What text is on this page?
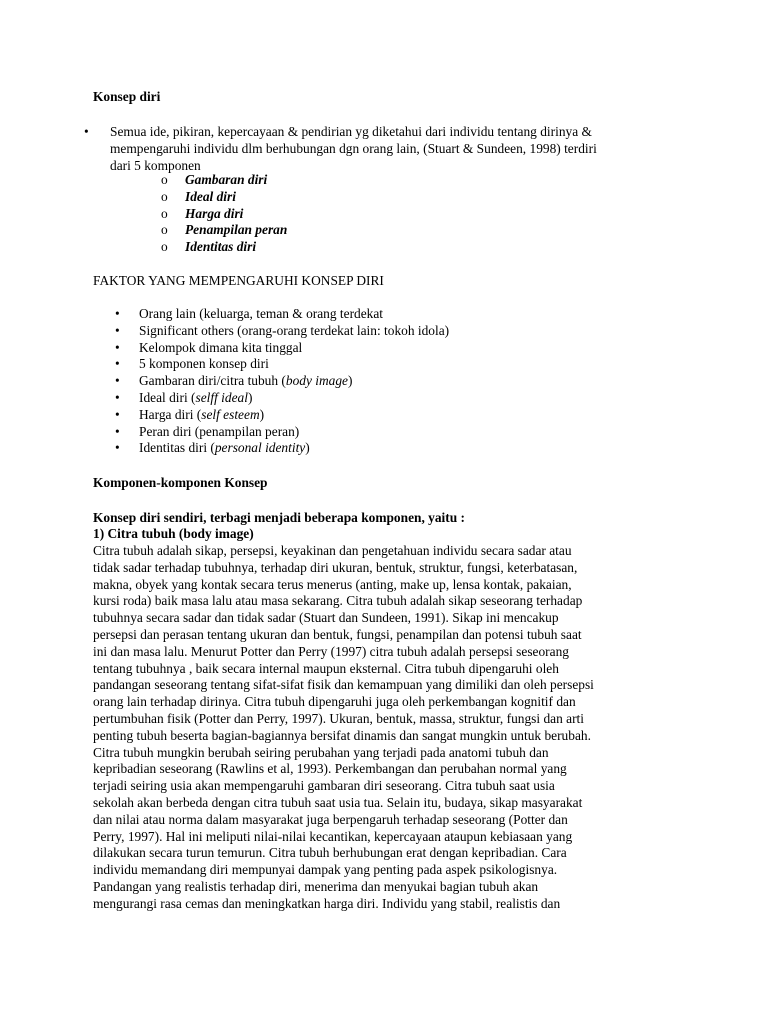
Konsep diri
• Semua ide, pikiran, kepercayaan & pendirian yg diketahui dari individu tentang dirinya &
mempengaruhi individu dlm berhubungan dgn orang lain, (Stuart & Sundeen, 1998) terdiri
dari 5 komponen
o Gambaran diri
o Ideal diri
o Harga diri
o Penampilan peran
o Identitas diri
FAKTOR YANG MEMPENGARUHI KONSEP DIRI
• Orang lain (keluarga, teman & orang terdekat
• Significant others (orang-orang terdekat lain: tokoh idola)
• Kelompok dimana kita tinggal
• 5 komponen konsep diri
• Gambaran diri/citra tubuh (body image)
• Ideal diri (selff ideal)
• Harga diri (self esteem)
• Peran diri (penampilan peran)
• Identitas diri (personal identity)
Komponen-komponen Konsep
Konsep diri sendiri, terbagi menjadi beberapa komponen, yaitu :
1) Citra tubuh (body image)

Citra tubuh adalah sikap, persepsi, keyakinan dan pengetahuan individu secara sadar atau

tidak sadar terhadap tubuhnya, terhadap diri ukuran, bentuk, struktur, fungsi, keterbatasan,

makna, obyek yang kontak secara terus menerus (anting, make up, lensa kontak, pakaian,

kursi roda) baik masa lalu atau masa sekarang. Citra tubuh adalah sikap seseorang terhadap

tubuhnya secara sadar dan tidak sadar (Stuart dan Sundeen, 1991). Sikap ini mencakup

persepsi dan perasan tentang ukuran dan bentuk, fungsi, penampilan dan potensi tubuh saat

ini dan masa lalu. Menurut Potter dan Perry (1997) citra tubuh adalah persepsi seseorang

tentang tubuhnya , baik secara internal maupun eksternal. Citra tubuh dipengaruhi oleh

pandangan seseorang tentang sifat-sifat fisik dan kemampuan yang dimiliki dan oleh persepsi

orang lain terhadap dirinya. Citra tubuh dipengaruhi juga oleh perkembangan kognitif dan

pertumbuhan fisik (Potter dan Perry, 1997). Ukuran, bentuk, massa, struktur, fungsi dan arti

penting tubuh beserta bagian-bagiannya bersifat dinamis dan sangat mungkin untuk berubah.

Citra tubuh mungkin berubah seiring perubahan yang terjadi pada anatomi tubuh dan

kepribadian seseorang (Rawlins et al, 1993). Perkembangan dan perubahan normal yang

terjadi seiring usia akan mempengaruhi gambaran diri seseorang. Citra tubuh saat usia

sekolah akan berbeda dengan citra tubuh saat usia tua. Selain itu, budaya, sikap masyarakat

dan nilai atau norma dalam masyarakat juga berpengaruh terhadap seseorang (Potter dan

Perry, 1997). Hal ini meliputi nilai-nilai kecantikan, kepercayaan ataupun kebiasaan yang

dilakukan secara turun temurun. Citra tubuh berhubungan erat dengan kepribadian. Cara

individu memandang diri mempunyai dampak yang penting pada aspek psikologisnya.

Pandangan yang realistis terhadap diri, menerima dan menyukai bagian tubuh akan

mengurangi rasa cemas dan meningkatkan harga diri. Individu yang stabil, realistis dan
